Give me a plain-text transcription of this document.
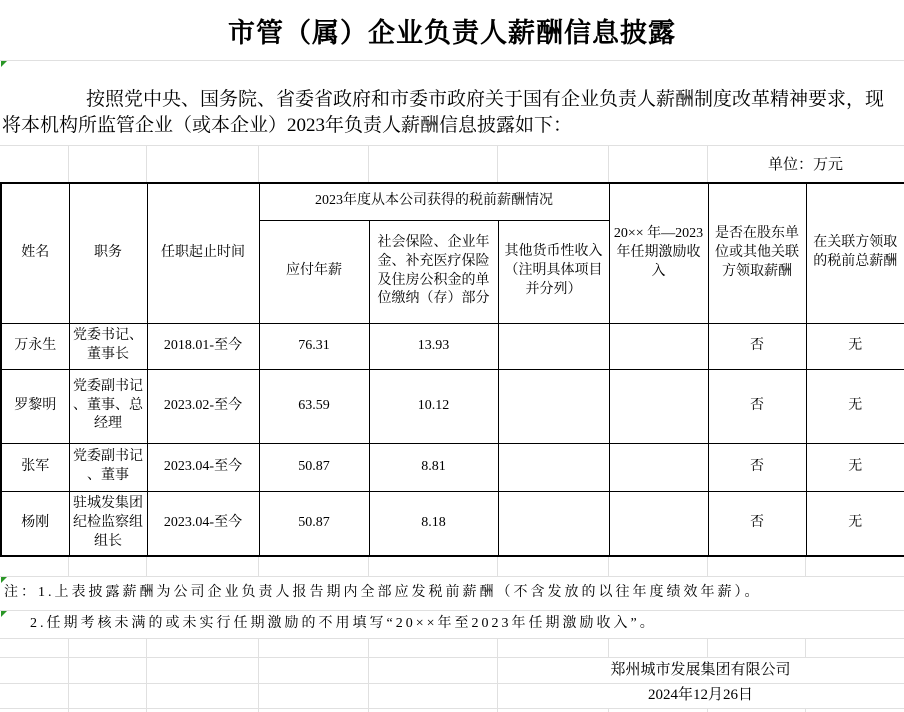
市管（属）企业负责人薪酬信息披露
按照党中央、国务院、省委省政府和市委市政府关于国有企业负责人薪酬制度改革精神要求，现将本机构所监管企业（或本企业）2023年负责人薪酬信息披露如下：
单位：万元
姓名	职务	任职起止时间	2023年度从本公司获得的税前薪酬情况			20×× 年—2023年任期激励收入	是否在股东单位或其他关联方领取薪酬	在关联方领取的税前总薪酬
			应付年薪	社会保险、企业年金、补充医疗保险及住房公积金的单位缴纳（存）部分	其他货币性收入（注明具体项目并分列）			
万永生	党委书记、董事长	2018.01-至今	76.31	13.93			否	无
罗黎明	党委副书记、董事、总经理	2023.02-至今	63.59	10.12			否	无
张军	党委副书记、董事	2023.04-至今	50.87	8.81			否	无
杨刚	驻城发集团纪检监察组组长	2023.04-至今	50.87	8.18			否	无
注：1.上表披露薪酬为公司企业负责人报告期内全部应发税前薪酬（不含发放的以往年度绩效年薪）。
2.任期考核未满的或未实行任期激励的不用填写“20××年至2023年任期激励收入”。
郑州城市发展集团有限公司
2024年12月26日
